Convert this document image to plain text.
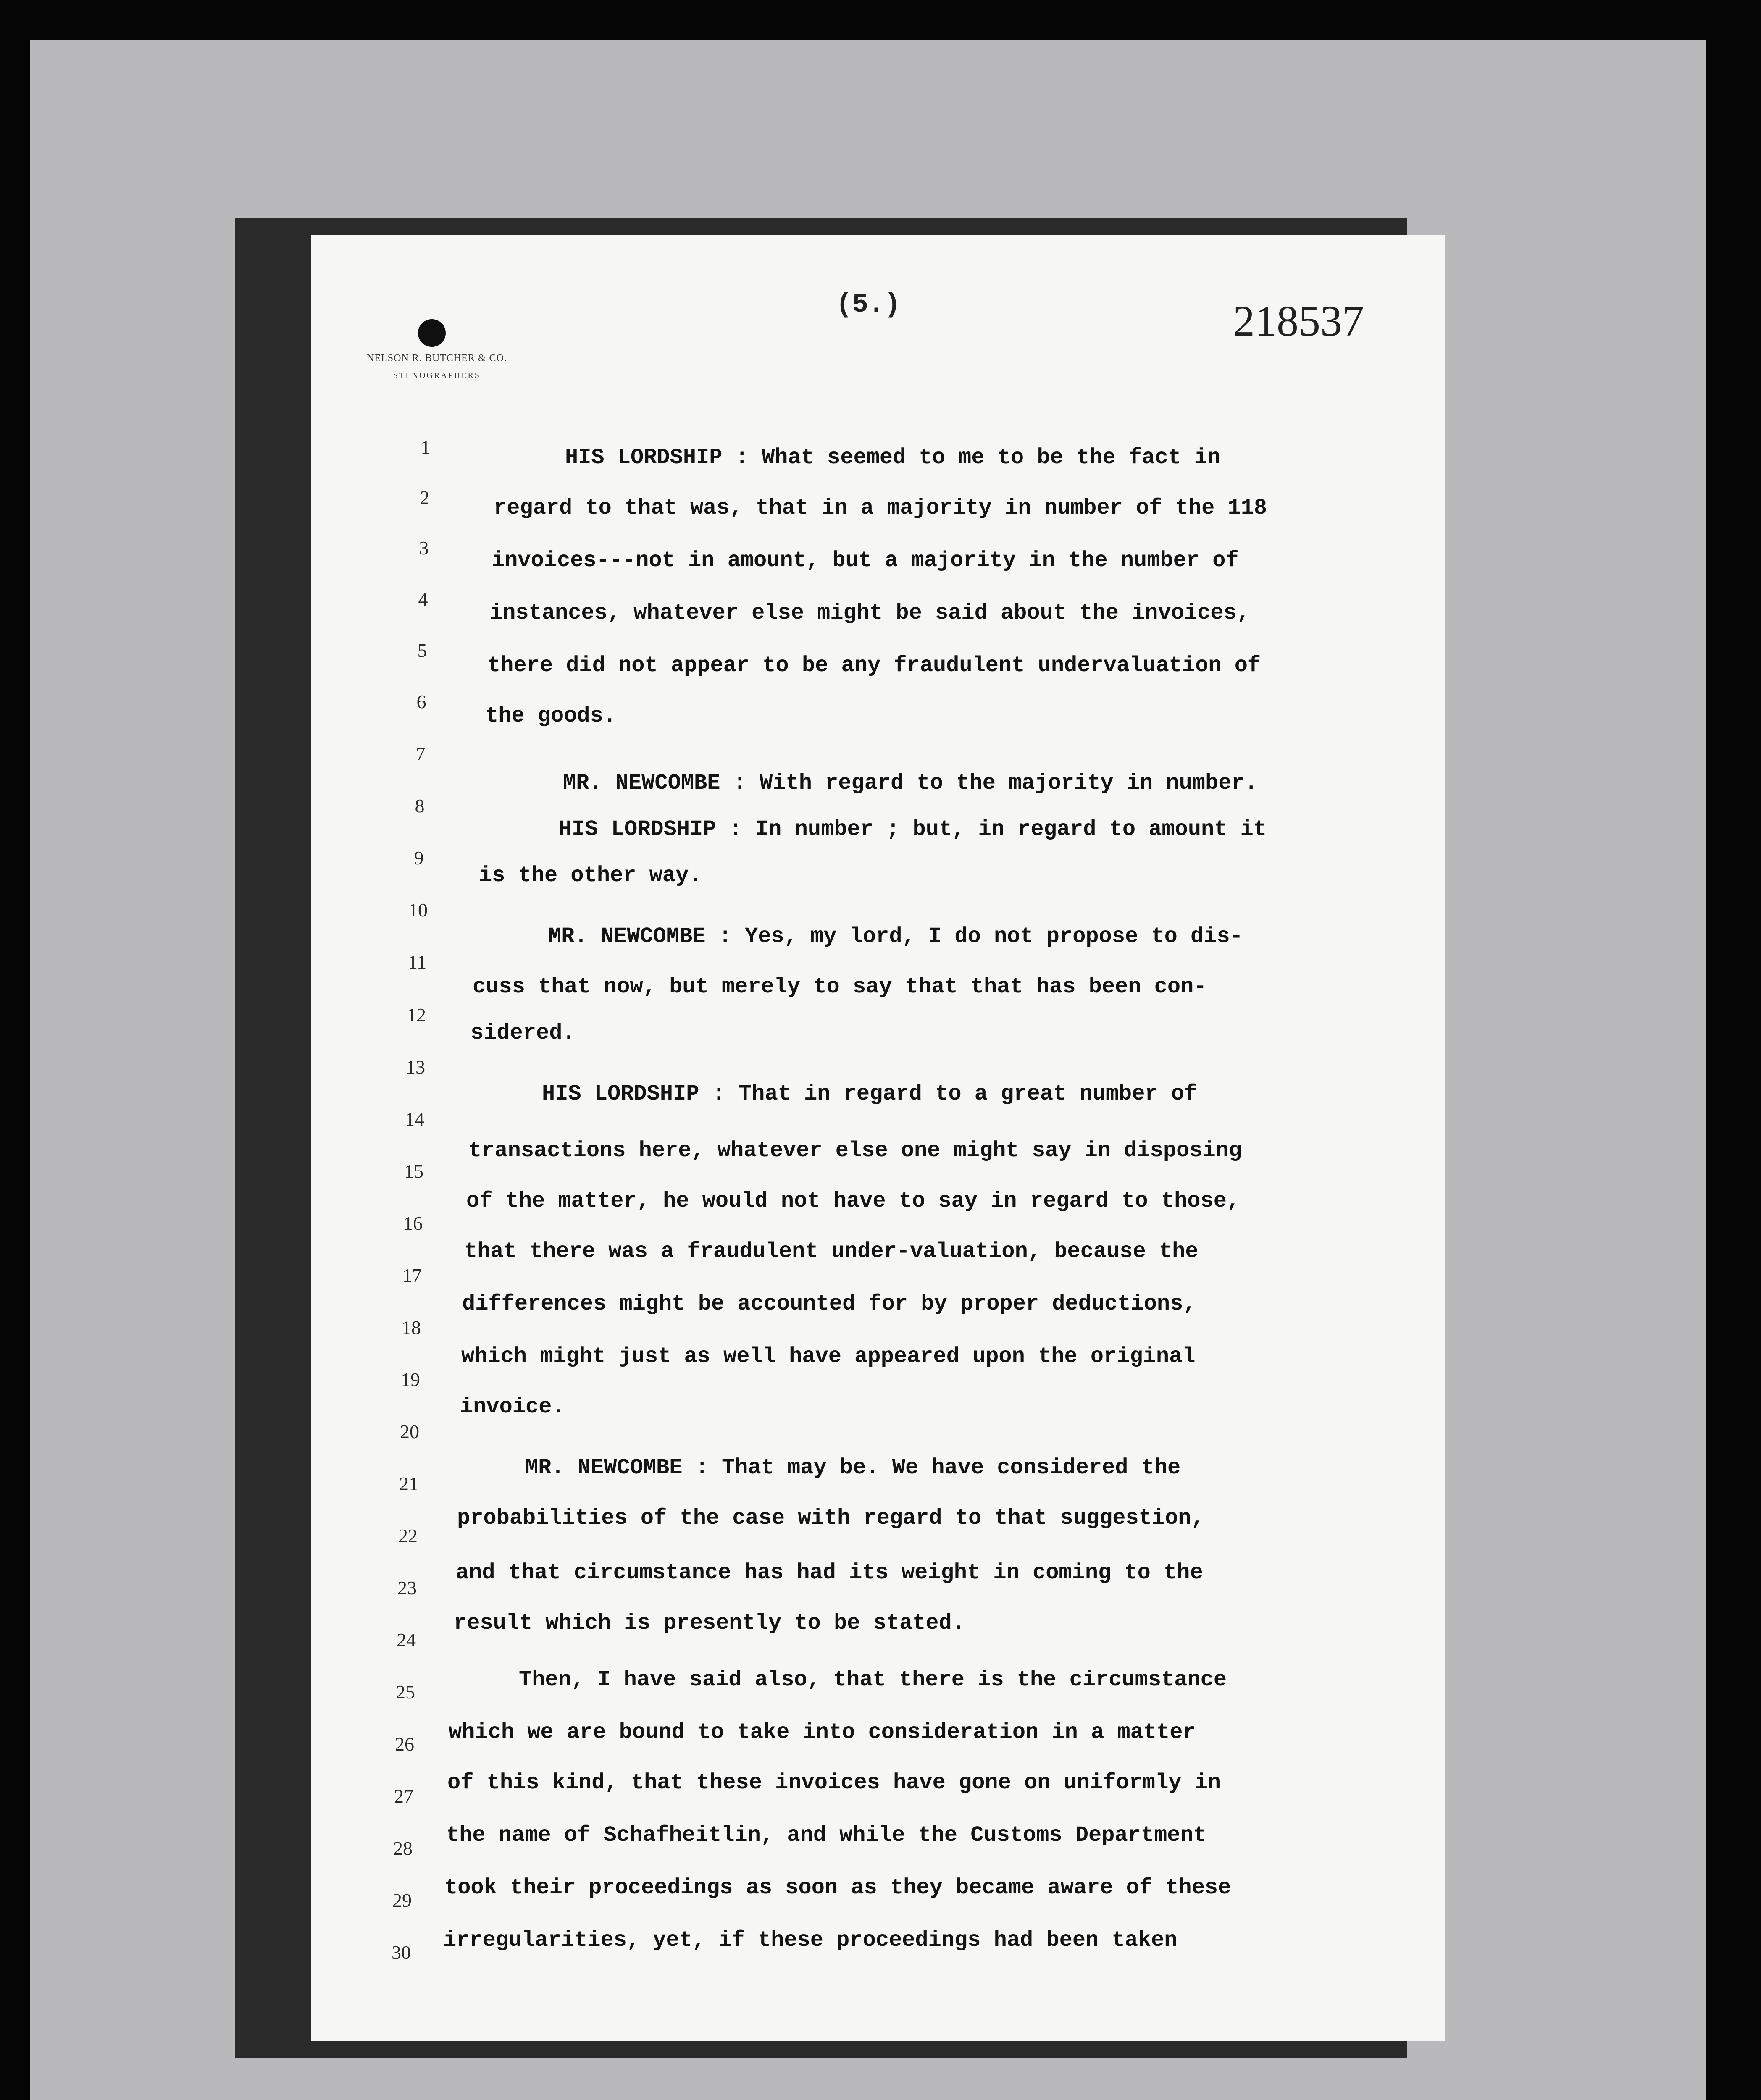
(5.)	218537
NELSON R. BUTCHER & CO.
STENOGRAPHERS
1
2
3
4
5
6
7
8
9
10
11
12
13
14
15
16
17
18
19
20
21
22
23
24
25
26
27
28
29
30
HIS LORDSHIP : What seemed to me to be the fact in
regard to that was, that in a majority in number of the 118
invoices---not in amount, but a majority in the number of
instances, whatever else might be said about the invoices,
there did not appear to be any fraudulent undervaluation of
the goods.
MR. NEWCOMBE : With regard to the majority in number.
HIS LORDSHIP : In number ; but, in regard to amount it
is the other way.
MR. NEWCOMBE : Yes, my lord, I do not propose to dis-
cuss that now, but merely to say that that has been con-
sidered.
HIS LORDSHIP : That in regard to a great number of
transactions here, whatever else one might say in disposing
of the matter, he would not have to say in regard to those,
that there was a fraudulent under-valuation, because the
differences might be accounted for by proper deductions,
which might just as well have appeared upon the original
invoice.
MR. NEWCOMBE : That may be. We have considered the
probabilities of the case with regard to that suggestion,
and that circumstance has had its weight in coming to the
result which is presently to be stated.
Then, I have said also, that there is the circumstance
which we are bound to take into consideration in a matter
of this kind, that these invoices have gone on uniformly in
the name of Schafheitlin, and while the Customs Department
took their proceedings as soon as they became aware of these
irregularities, yet, if these proceedings had been taken
